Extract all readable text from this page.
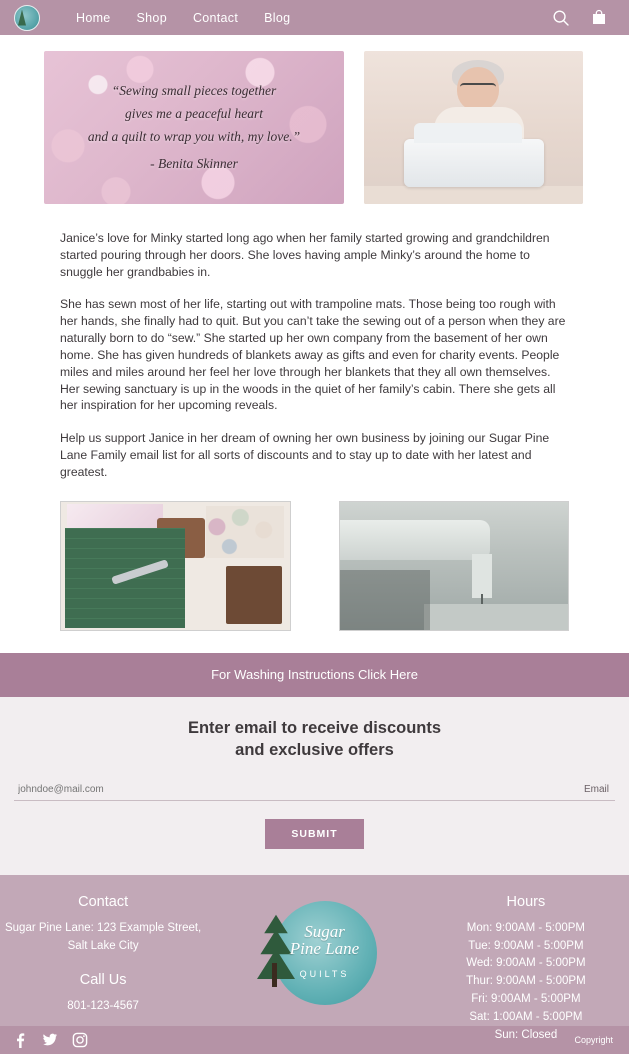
Home Shop Contact Blog
“Sewing small pieces together
gives me a peaceful heart
and a quilt to wrap you with, my love.”
- Benita Skinner

Janice’s love for Minky started long ago when her family started growing and grandchildren started pouring through her doors. She loves having ample Minky’s around the home to snuggle her grandbabies in.

She has sewn most of her life, starting out with trampoline mats. Those being too rough with her hands, she finally had to quit. But you can’t take the sewing out of a person when they are naturally born to do “sew.” She started up her own company from the basement of her own home. She has given hundreds of blankets away as gifts and even for charity events. People miles and miles around her feel her love through her blankets that they all own themselves. Her sewing sanctuary is up in the woods in the quiet of her family’s cabin. There she gets all her inspiration for her upcoming reveals.

Help us support Janice in her dream of owning her own business by joining our Sugar Pine Lane Family email list for all sorts of discounts and to stay up to date with her latest and greatest.

For Washing Instructions Click Here
Enter email to receive discounts
and exclusive offers
johndoe@mail.com
Email
SUBMIT
Contact
Sugar Pine Lane: 123 Example Street,
Salt Lake City
Call Us
801-123-4567
Sugar
Pine Lane
QUILTS
Hours
Mon: 9:00AM - 5:00PM
Tue: 9:00AM - 5:00PM
Wed: 9:00AM - 5:00PM
Thur: 9:00AM - 5:00PM
Fri: 9:00AM - 5:00PM
Sat: 1:00AM - 5:00PM
Sun: Closed	Copyright
